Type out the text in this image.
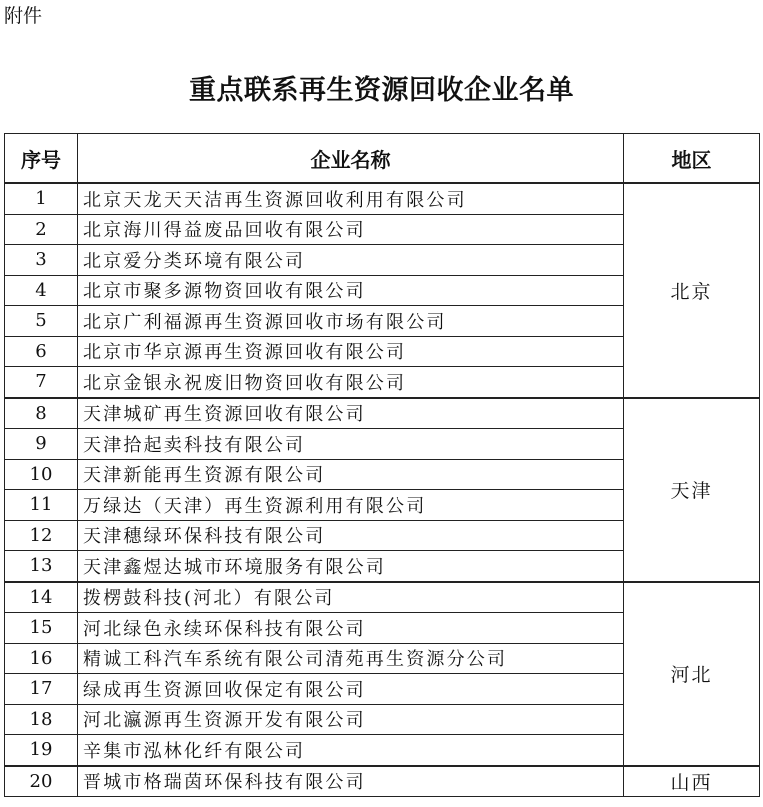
附件
重点联系再生资源回收企业名单
序号	企业名称	地区
1	北京天龙天天洁再生资源回收利用有限公司	北京
2	北京海川得益废品回收有限公司	
3	北京爱分类环境有限公司	
4	北京市聚多源物资回收有限公司	
5	北京广利福源再生资源回收市场有限公司	
6	北京市华京源再生资源回收有限公司	
7	北京金银永祝废旧物资回收有限公司	
8	天津城矿再生资源回收有限公司	天津
9	天津拾起卖科技有限公司	
10	天津新能再生资源有限公司	
11	万绿达（天津）再生资源利用有限公司	
12	天津穗绿环保科技有限公司	
13	天津鑫煜达城市环境服务有限公司	
14	拨楞鼓科技(河北）有限公司	河北
15	河北绿色永续环保科技有限公司	
16	精诚工科汽车系统有限公司清苑再生资源分公司	
17	绿成再生资源回收保定有限公司	
18	河北瀛源再生资源开发有限公司	
19	辛集市泓林化纤有限公司	
20	晋城市格瑞茵环保科技有限公司	山西
